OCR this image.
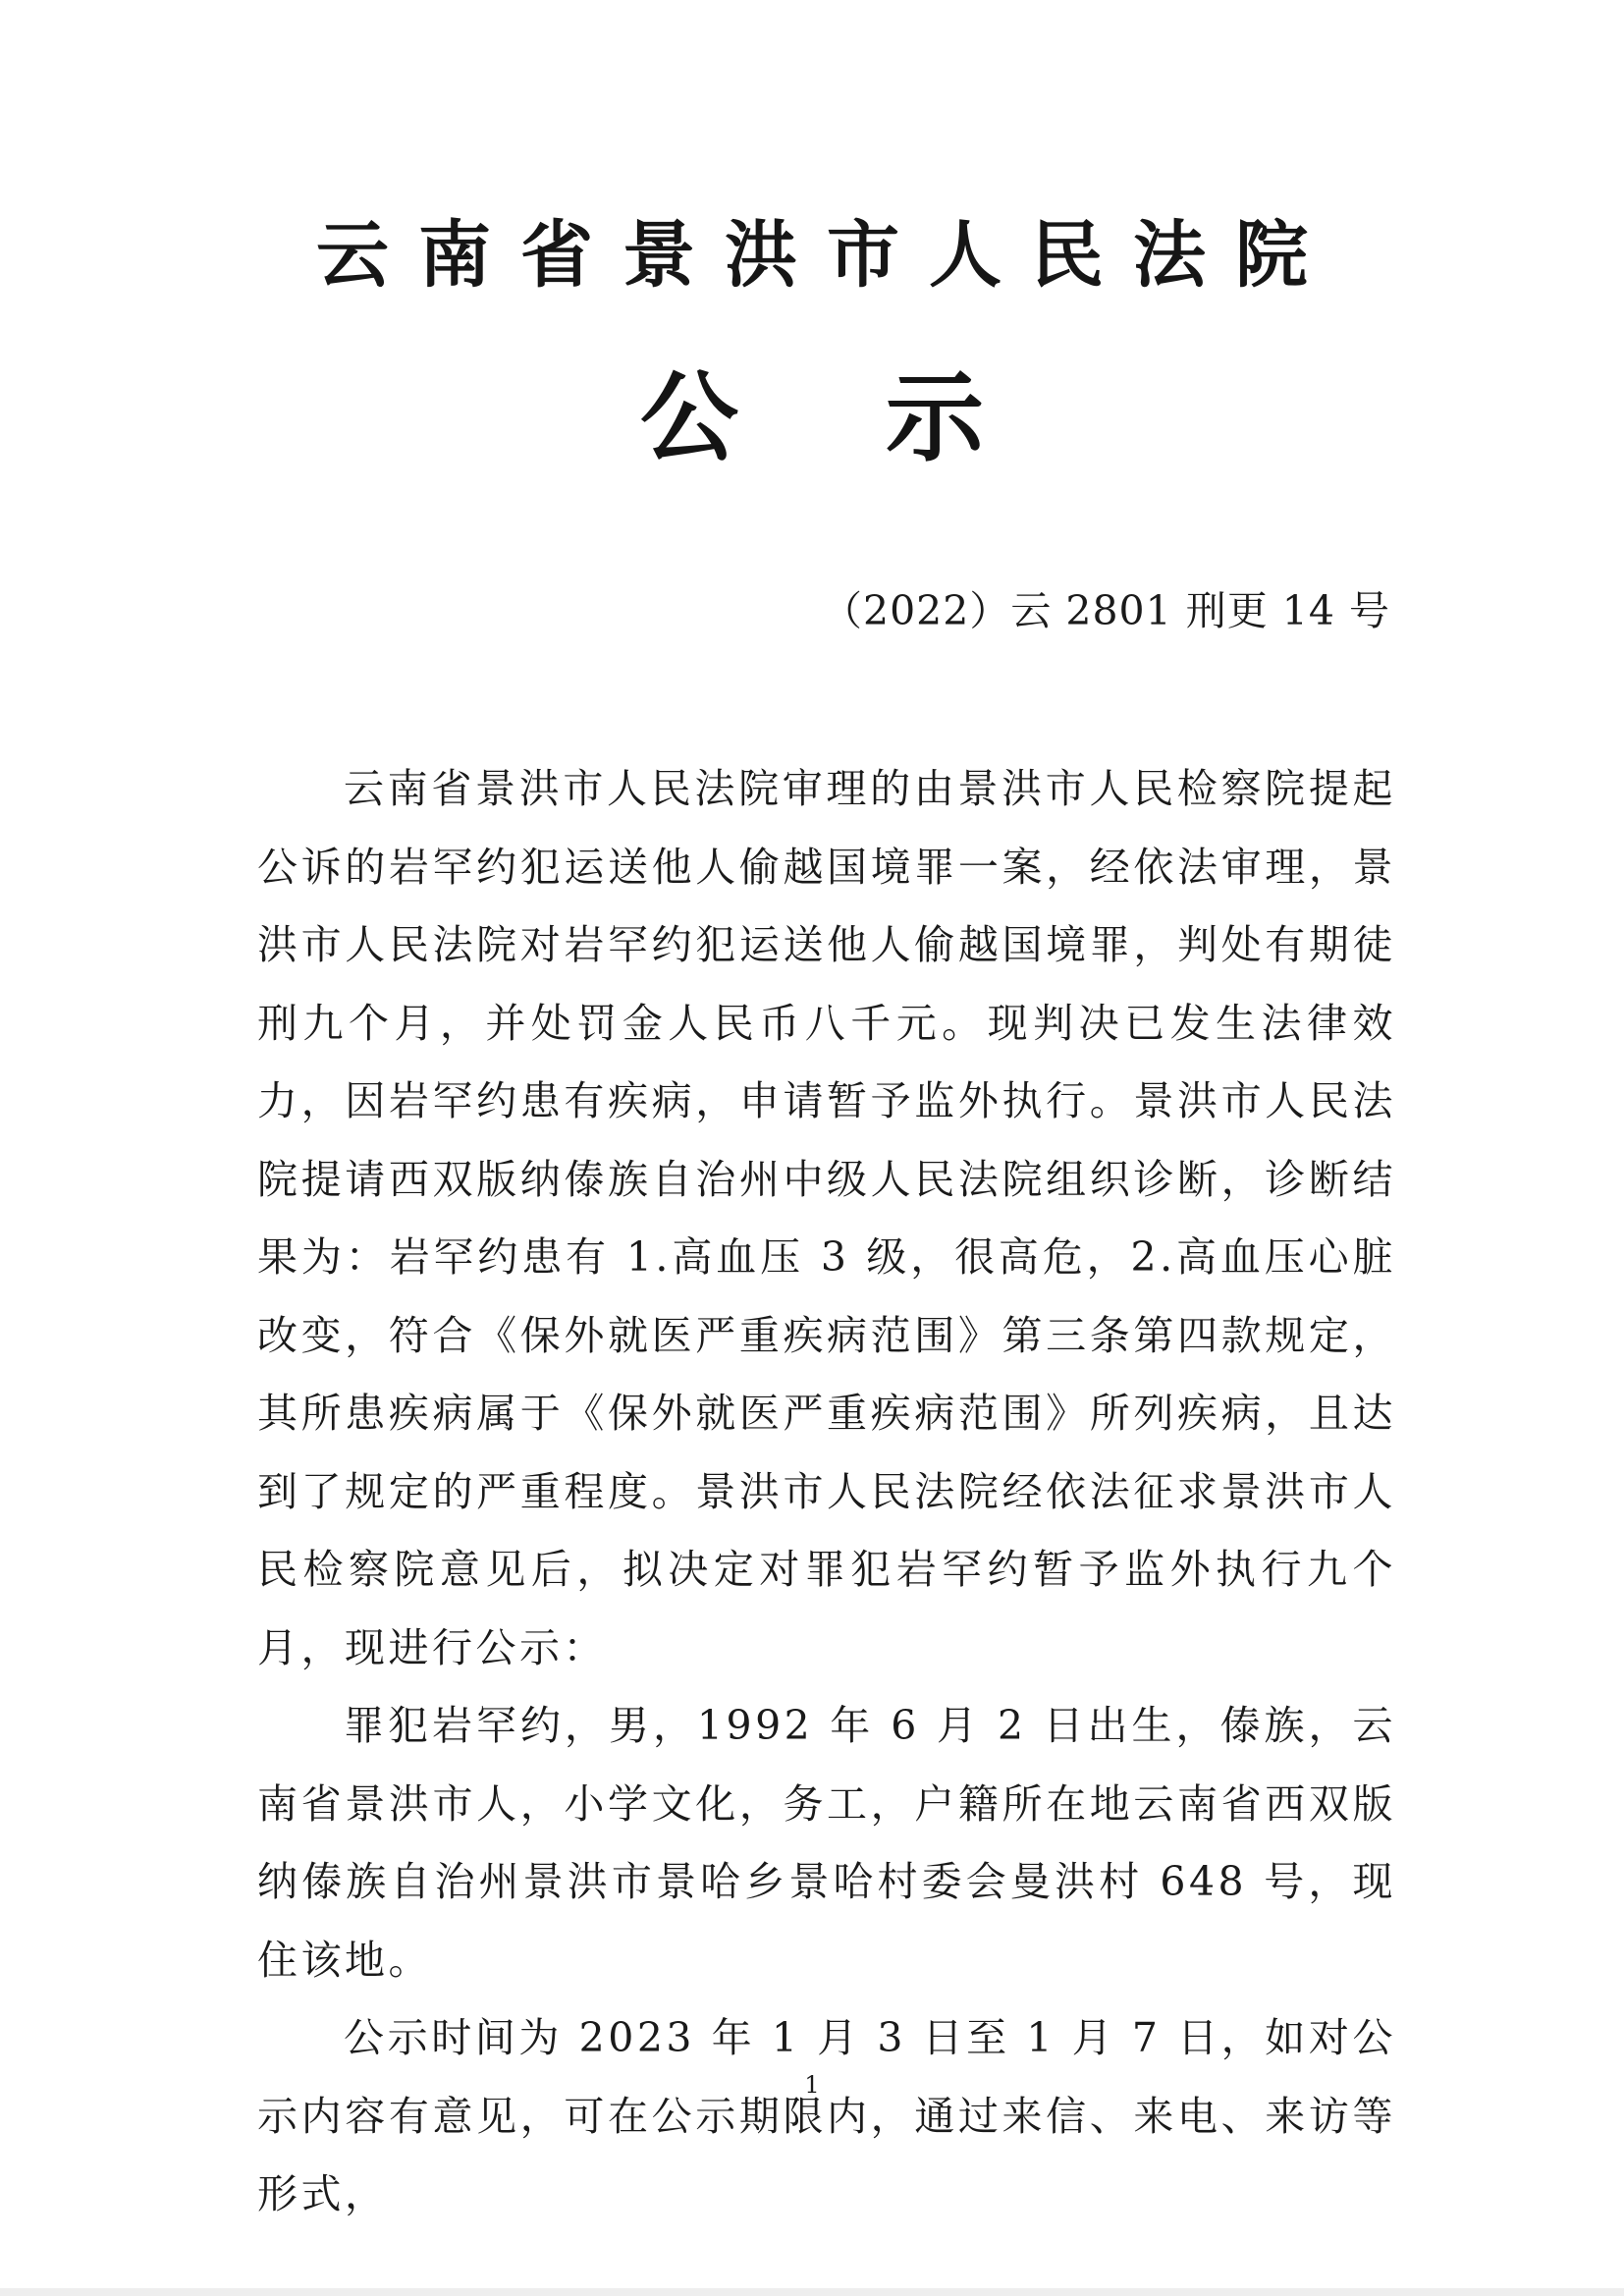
云南省景洪市人民法院
公示
（2022）云 2801 刑更 14 号

云南省景洪市人民法院审理的由景洪市人民检察院提起公诉的岩罕约犯运送他人偷越国境罪一案，经依法审理，景洪市人民法院对岩罕约犯运送他人偷越国境罪，判处有期徒刑九个月，并处罚金人民币八千元。现判决已发生法律效力，因岩罕约患有疾病，申请暂予监外执行。景洪市人民法院提请西双版纳傣族自治州中级人民法院组织诊断，诊断结果为：岩罕约患有 1.高血压 3 级，很高危，2.高血压心脏改变，符合《保外就医严重疾病范围》第三条第四款规定，其所患疾病属于《保外就医严重疾病范围》所列疾病，且达到了规定的严重程度。景洪市人民法院经依法征求景洪市人民检察院意见后，拟决定对罪犯岩罕约暂予监外执行九个月，现进行公示：

罪犯岩罕约，男，1992 年 6 月 2 日出生，傣族，云南省景洪市人，小学文化，务工，户籍所在地云南省西双版纳傣族自治州景洪市景哈乡景哈村委会曼洪村 648 号，现住该地。

公示时间为 2023 年 1 月 3 日至 1 月 7 日，如对公示内容有意见，可在公示期限内，通过来信、来电、来访等形式，

1
